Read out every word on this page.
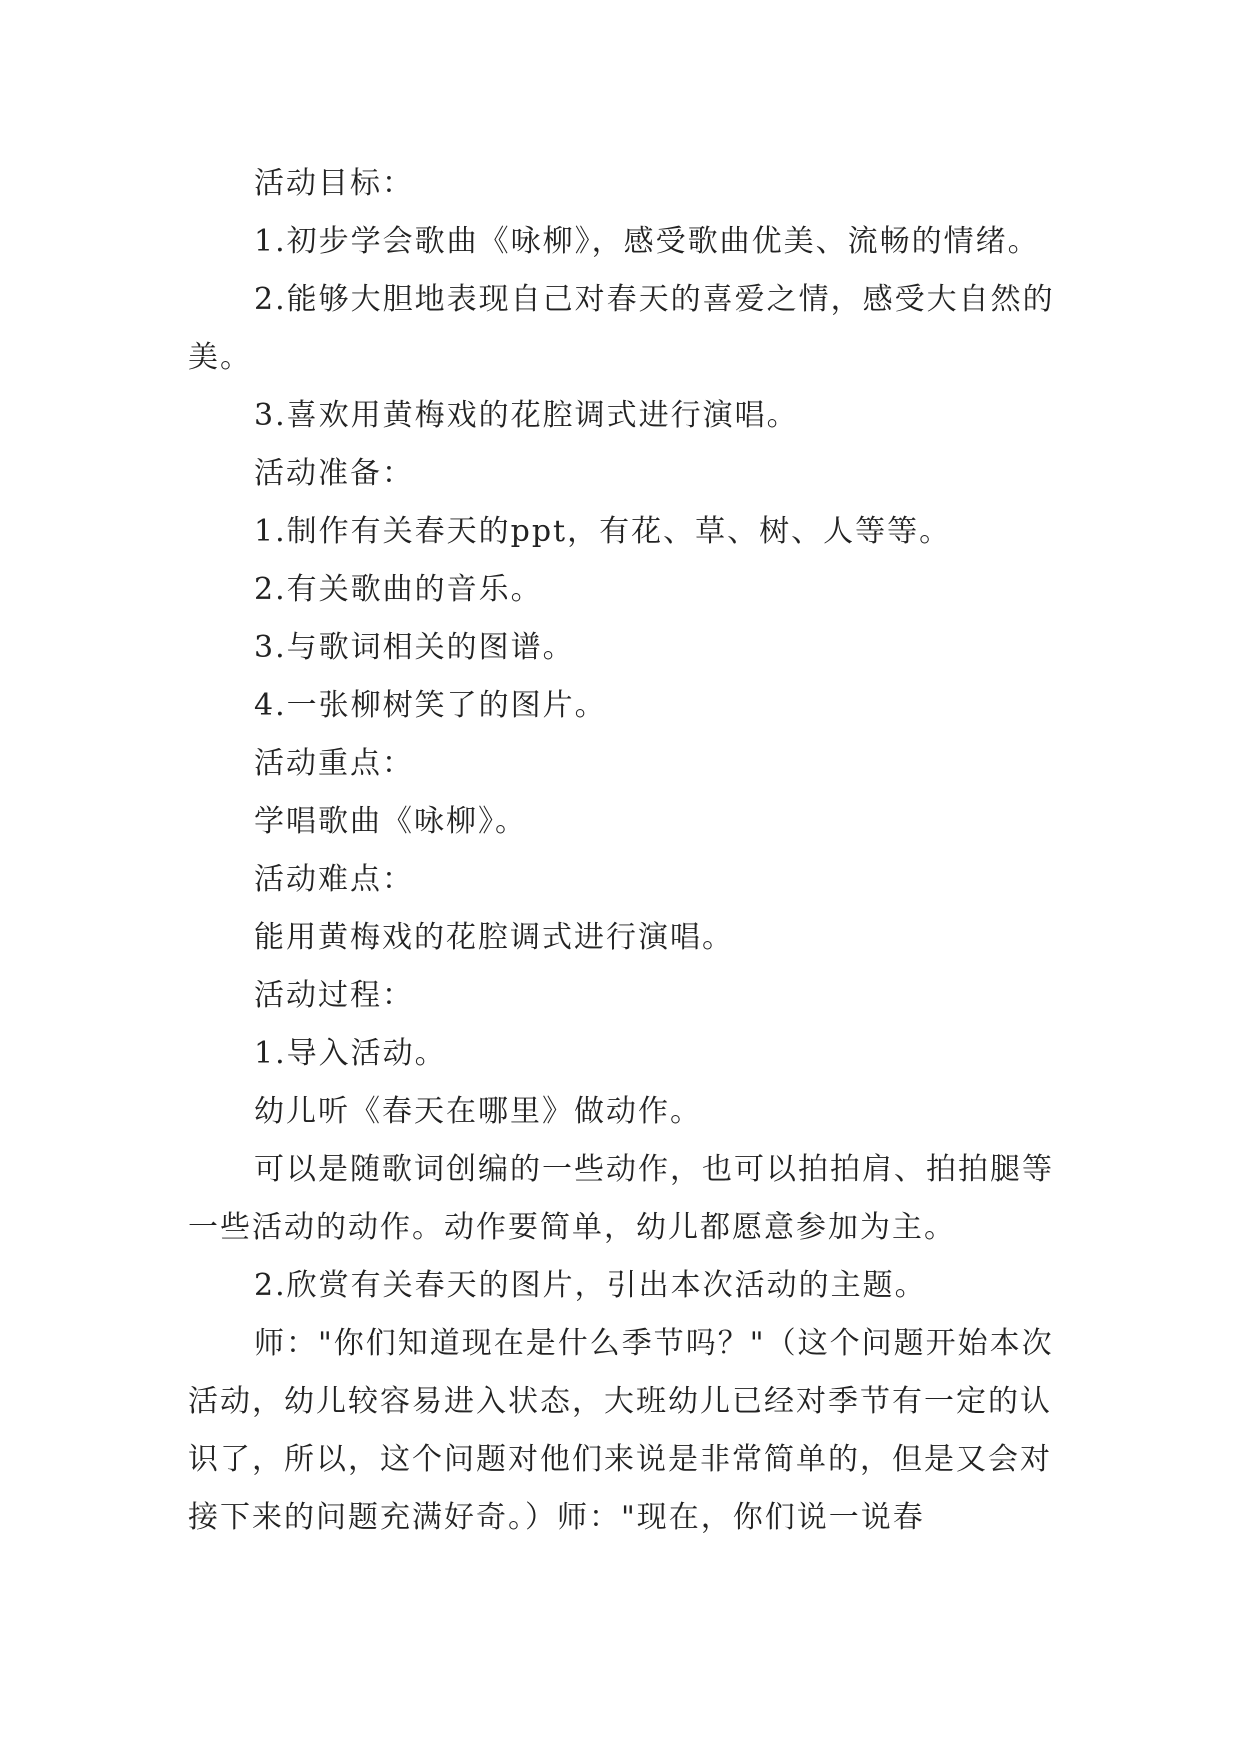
活动目标：

1.初步学会歌曲《咏柳》，感受歌曲优美、流畅的情绪。

2.能够大胆地表现自己对春天的喜爱之情，感受大自然的美。

3.喜欢用黄梅戏的花腔调式进行演唱。

活动准备：

1.制作有关春天的ppt，有花、草、树、人等等。

2.有关歌曲的音乐。

3.与歌词相关的图谱。

4.一张柳树笑了的图片。

活动重点：

学唱歌曲《咏柳》。

活动难点：

能用黄梅戏的花腔调式进行演唱。

活动过程：

1.导入活动。

幼儿听《春天在哪里》做动作。

可以是随歌词创编的一些动作，也可以拍拍肩、拍拍腿等一些活动的动作。动作要简单，幼儿都愿意参加为主。

2.欣赏有关春天的图片，引出本次活动的主题。

师："你们知道现在是什么季节吗？"（这个问题开始本次活动，幼儿较容易进入状态，大班幼儿已经对季节有一定的认识了，所以，这个问题对他们来说是非常简单的，但是又会对接下来的问题充满好奇。）师："现在，你们说一说春
